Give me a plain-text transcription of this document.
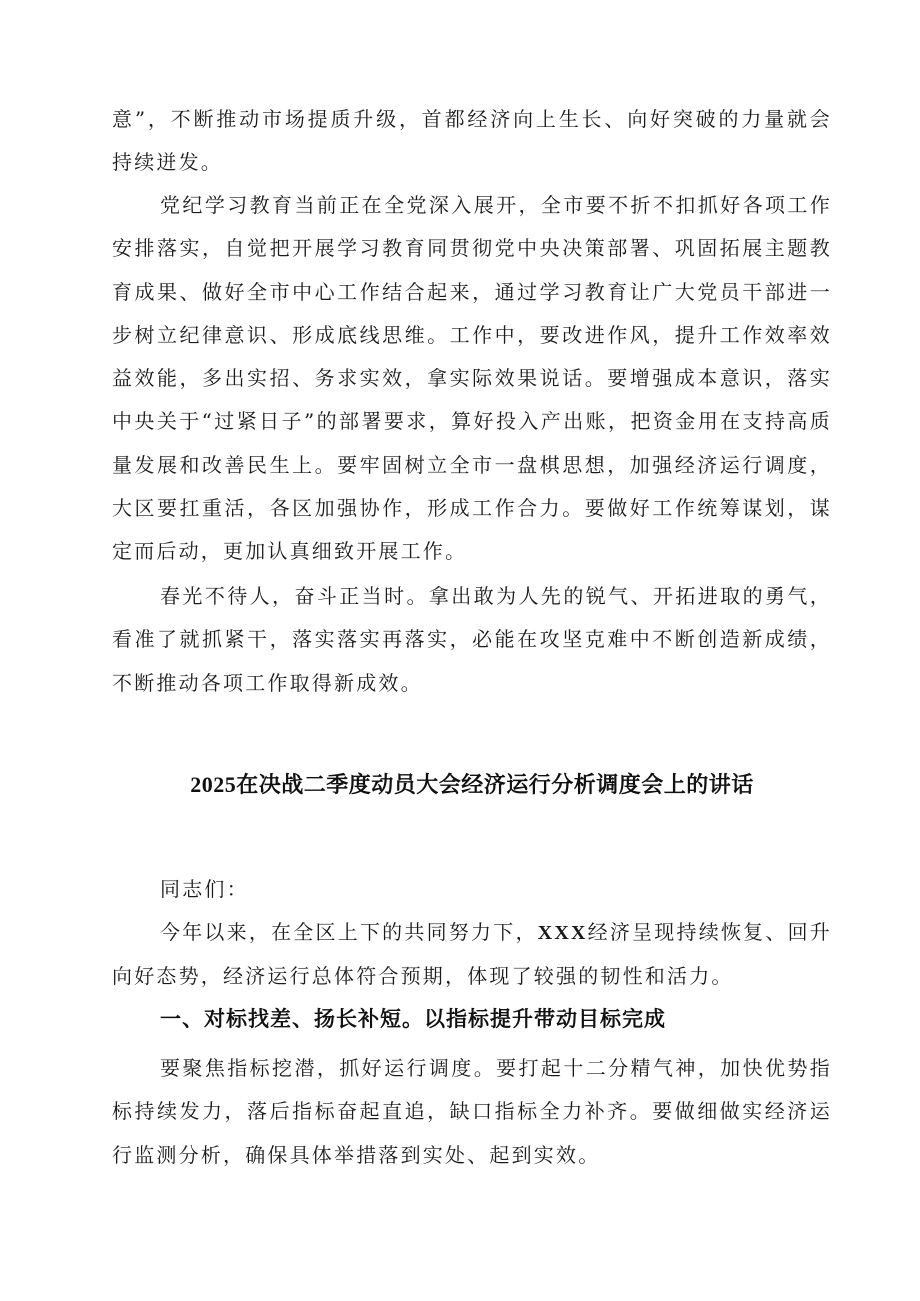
意”，不断推动市场提质升级，首都经济向上生长、向好突破的力量就会持续迸发。

党纪学习教育当前正在全党深入展开，全市要不折不扣抓好各项工作安排落实，自觉把开展学习教育同贯彻党中央决策部署、巩固拓展主题教育成果、做好全市中心工作结合起来，通过学习教育让广大党员干部进一步树立纪律意识、形成底线思维。工作中，要改进作风，提升工作效率效益效能，多出实招、务求实效，拿实际效果说话。要增强成本意识，落实中央关于“过紧日子”的部署要求，算好投入产出账，把资金用在支持高质量发展和改善民生上。要牢固树立全市一盘棋思想，加强经济运行调度，大区要扛重活，各区加强协作，形成工作合力。要做好工作统筹谋划，谋定而后动，更加认真细致开展工作。

春光不待人，奋斗正当时。拿出敢为人先的锐气、开拓进取的勇气，看准了就抓紧干，落实落实再落实，必能在攻坚克难中不断创造新成绩，不断推动各项工作取得新成效。

2025在决战二季度动员大会经济运行分析调度会上的讲话

同志们：

今年以来，在全区上下的共同努力下，XXX经济呈现持续恢复、回升向好态势，经济运行总体符合预期，体现了较强的韧性和活力。

一、对标找差、扬长补短。以指标提升带动目标完成

要聚焦指标挖潜，抓好运行调度。要打起十二分精气神，加快优势指标持续发力，落后指标奋起直追，缺口指标全力补齐。要做细做实经济运行监测分析，确保具体举措落到实处、起到实效。
